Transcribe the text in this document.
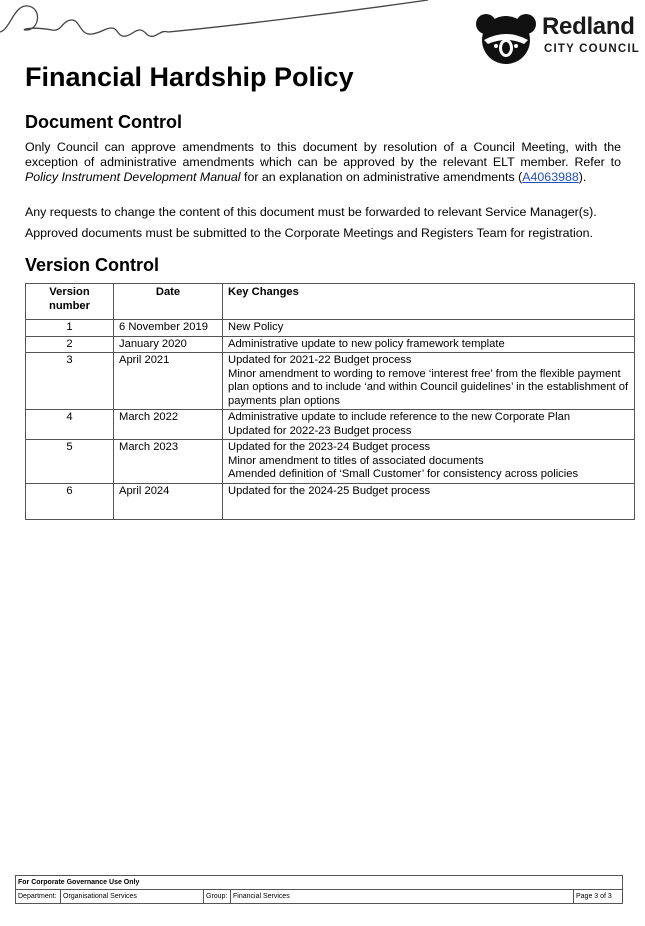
Redland
CITY COUNCIL
Financial Hardship Policy
Document Control

Only Council can approve amendments to this document by resolution of a Council Meeting, with the exception of administrative amendments which can be approved by the relevant ELT member. Refer to Policy Instrument Development Manual for an explanation on administrative amendments (A4063988).

Any requests to change the content of this document must be forwarded to relevant Service Manager(s).

Approved documents must be submitted to the Corporate Meetings and Registers Team for registration.

Version Control
Version
number	Date	Key Changes
1	6 November 2019	New Policy

2	January 2020	Administrative update to new policy framework template

3	April 2021	Updated for 2021-22 Budget process
Minor amendment to wording to remove ‘interest free’ from the flexible payment plan options and to include ‘and within Council guidelines’ in the establishment of payments plan options

4	March 2022	Administrative update to include reference to the new Corporate Plan
Updated for 2022-23 Budget process

5	March 2023	Updated for the 2023-24 Budget process
Minor amendment to titles of associated documents
Amended definition of ‘Small Customer’ for consistency across policies

6	April 2024	Updated for the 2024-25 Budget process
For Corporate Governance Use Only
Department:	Organisational Services	Group:	Financial Services	Page 3 of 3
